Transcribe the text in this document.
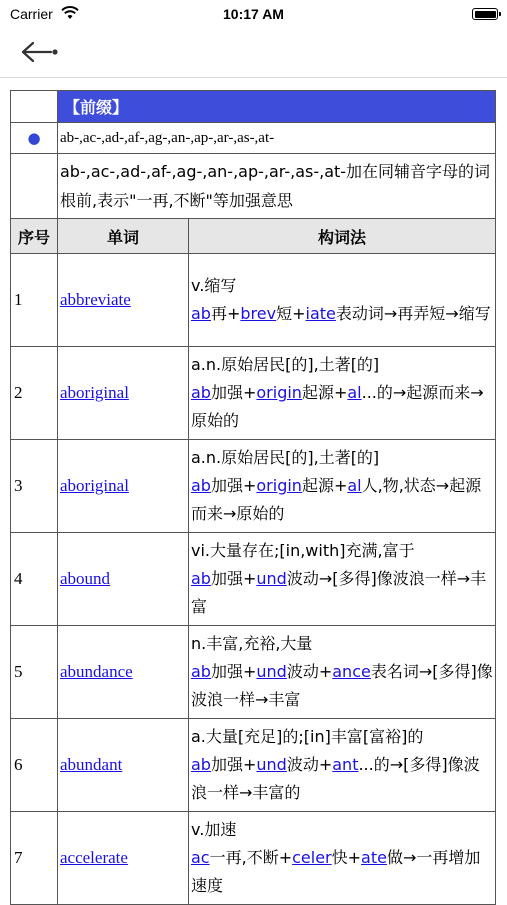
Carrier	10:17 AM
	【前缀】	
●	ab-,ac-,ad-,af-,ag-,an-,ap-,ar-,as-,at-	
	ab-,ac-,ad-,af-,ag-,an-,ap-,ar-,as-,at-加在同辅音字母的词根前,表示"一再,不断"等加强意思	
序号	单词	构词法
1	abbreviate	v.缩写
ab再+brev短+iate表动词→再弄短→缩写
2	aboriginal	a.n.原始居民[的],土著[的]
ab加强+origin起源+al...的→起源而来→原始的
3	aboriginal	a.n.原始居民[的],土著[的]
ab加强+origin起源+al人,物,状态→起源而来→原始的
4	abound	vi.大量存在;[in,with]充满,富于
ab加强+und波动→[多得]像波浪一样→丰富
5	abundance	n.丰富,充裕,大量
ab加强+und波动+ance表名词→[多得]像波浪一样→丰富
6	abundant	a.大量[充足]的;[in]丰富[富裕]的
ab加强+und波动+ant...的→[多得]像波浪一样→丰富的
7	accelerate	v.加速
ac一再,不断+celer快+ate做→一再增加速度
